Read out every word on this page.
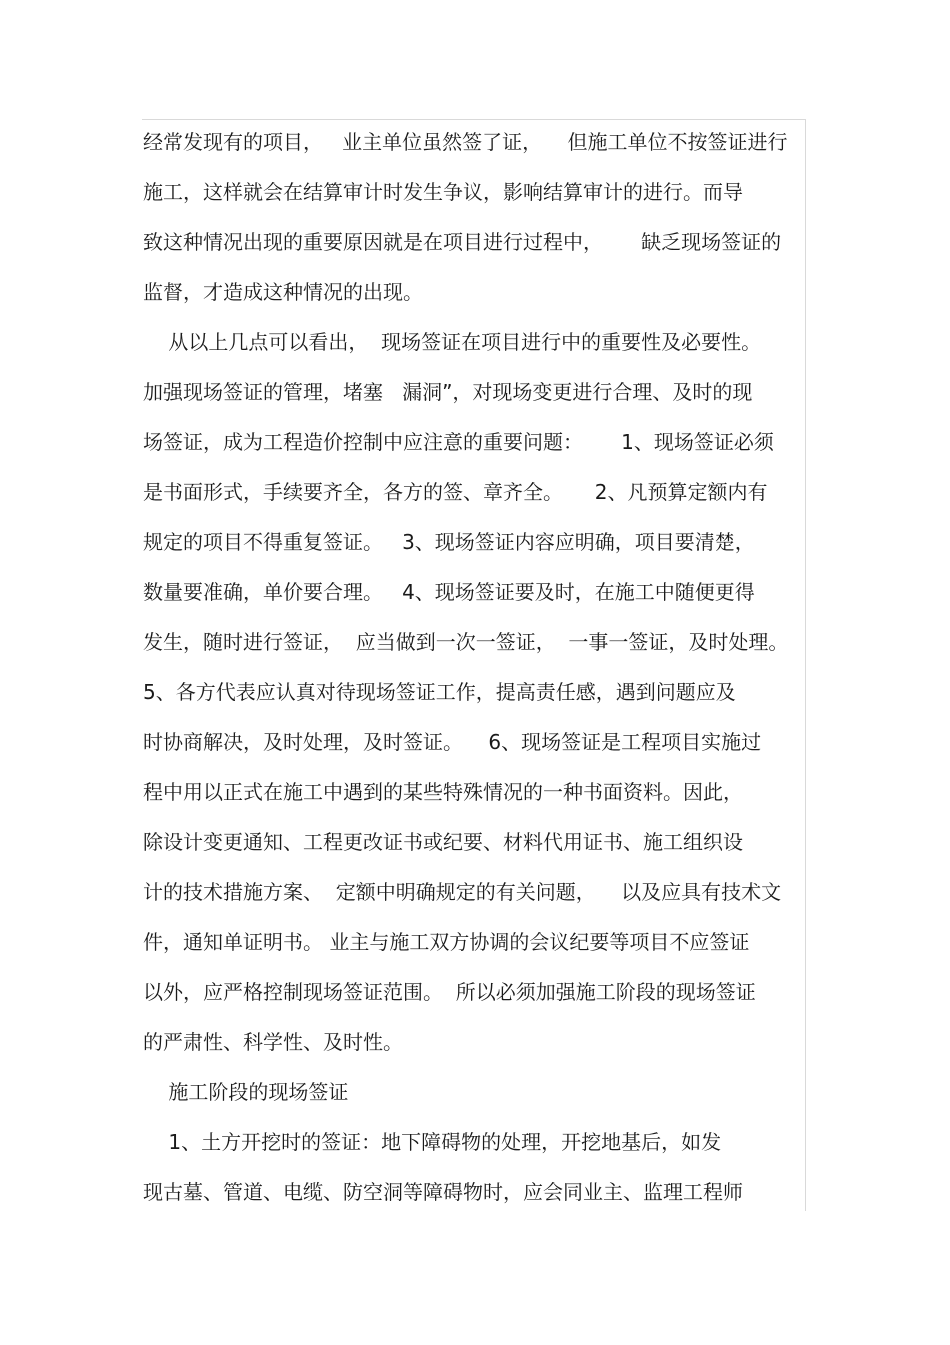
经常发现有的项目，   业主单位虽然签了证，    但施工单位不按签证进行
施工，这样就会在结算审计时发生争议，影响结算审计的进行。而导
致这种情况出现的重要原因就是在项目进行过程中，      缺乏现场签证的
监督，才造成这种情况的出现。
从以上几点可以看出，  现场签证在项目进行中的重要性及必要性。
加强现场签证的管理，堵塞   漏洞”，对现场变更进行合理、及时的现
场签证，成为工程造价控制中应注意的重要问题：      1、现场签证必须
是书面形式，手续要齐全，各方的签、章齐全。     2、凡预算定额内有
规定的项目不得重复签证。   3、现场签证内容应明确，项目要清楚，
数量要准确，单价要合理。   4、现场签证要及时，在施工中随便更得
发生，随时进行签证，  应当做到一次一签证，  一事一签证，及时处理。
5、各方代表应认真对待现场签证工作，提高责任感，遇到问题应及
时协商解决，及时处理，及时签证。    6、现场签证是工程项目实施过
程中用以正式在施工中遇到的某些特殊情况的一种书面资料。因此，
除设计变更通知、工程更改证书或纪要、材料代用证书、施工组织设
计的技术措施方案、  定额中明确规定的有关问题，    以及应具有技术文
件，通知单证明书。 业主与施工双方协调的会议纪要等项目不应签证
以外，应严格控制现场签证范围。  所以必须加强施工阶段的现场签证
的严肃性、科学性、及时性。
施工阶段的现场签证
1、土方开挖时的签证：地下障碍物的处理，开挖地基后，如发
现古墓、管道、电缆、防空洞等障碍物时，应会同业主、监理工程师
